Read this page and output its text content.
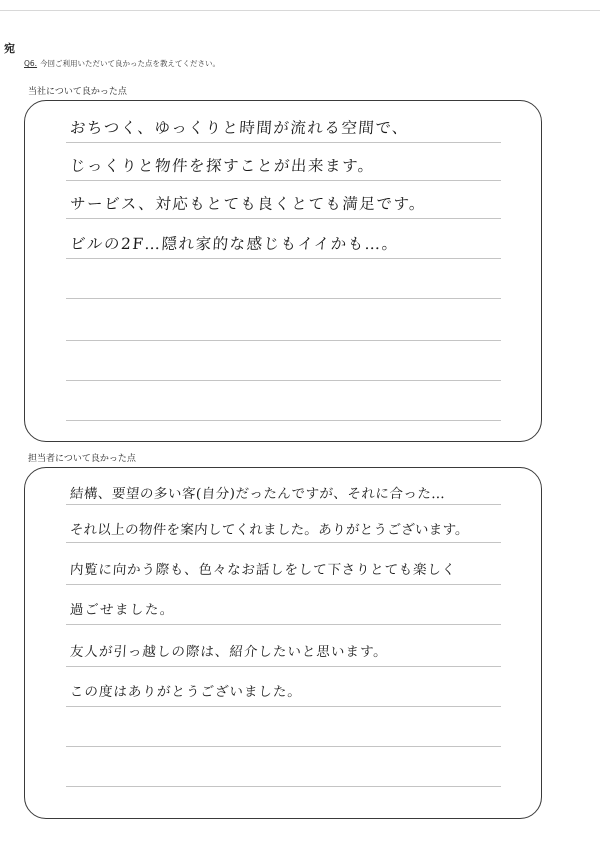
宛
Q6. 今回ご利用いただいて良かった点を教えてください。
当社について良かった点
おちつく、ゆっくりと時間が流れる空間で、
じっくりと物件を探すことが出来ます。
サービス、対応もとても良くとても満足です。
ビルの2F…隠れ家的な感じもイイかも…。
担当者について良かった点
結構、要望の多い客(自分)だったんですが、それに合った…
それ以上の物件を案内してくれました。ありがとうございます。
内覧に向かう際も、色々なお話しをして下さりとても楽しく
過ごせました。
友人が引っ越しの際は、紹介したいと思います。
この度はありがとうございました。
